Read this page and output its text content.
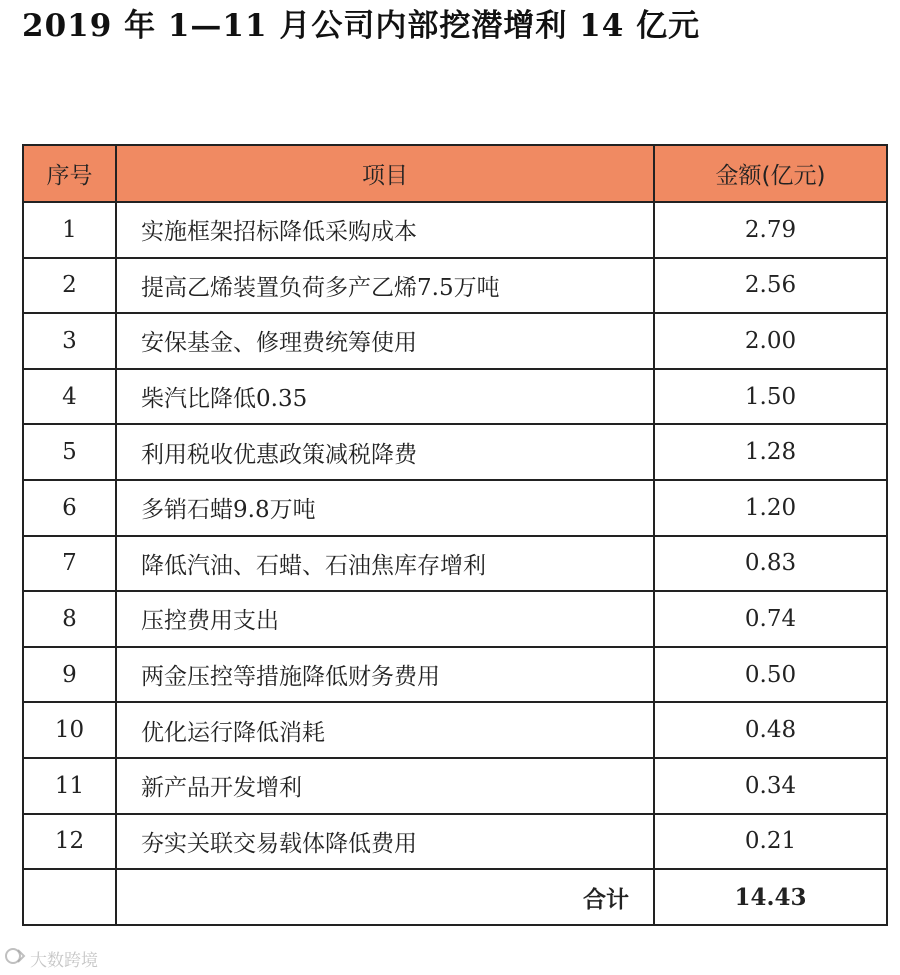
2019 年 1—11 月公司内部挖潜增利 14 亿元
序号	项目	金额(亿元)
1	实施框架招标降低采购成本	2.79
2	提高乙烯装置负荷多产乙烯7.5万吨	2.56
3	安保基金、修理费统筹使用	2.00
4	柴汽比降低0.35	1.50
5	利用税收优惠政策减税降费	1.28
6	多销石蜡9.8万吨	1.20
7	降低汽油、石蜡、石油焦库存增利	0.83
8	压控费用支出	0.74
9	两金压控等措施降低财务费用	0.50
10	优化运行降低消耗	0.48
11	新产品开发增利	0.34
12	夯实关联交易载体降低费用	0.21
	合计	14.43
大数跨境
